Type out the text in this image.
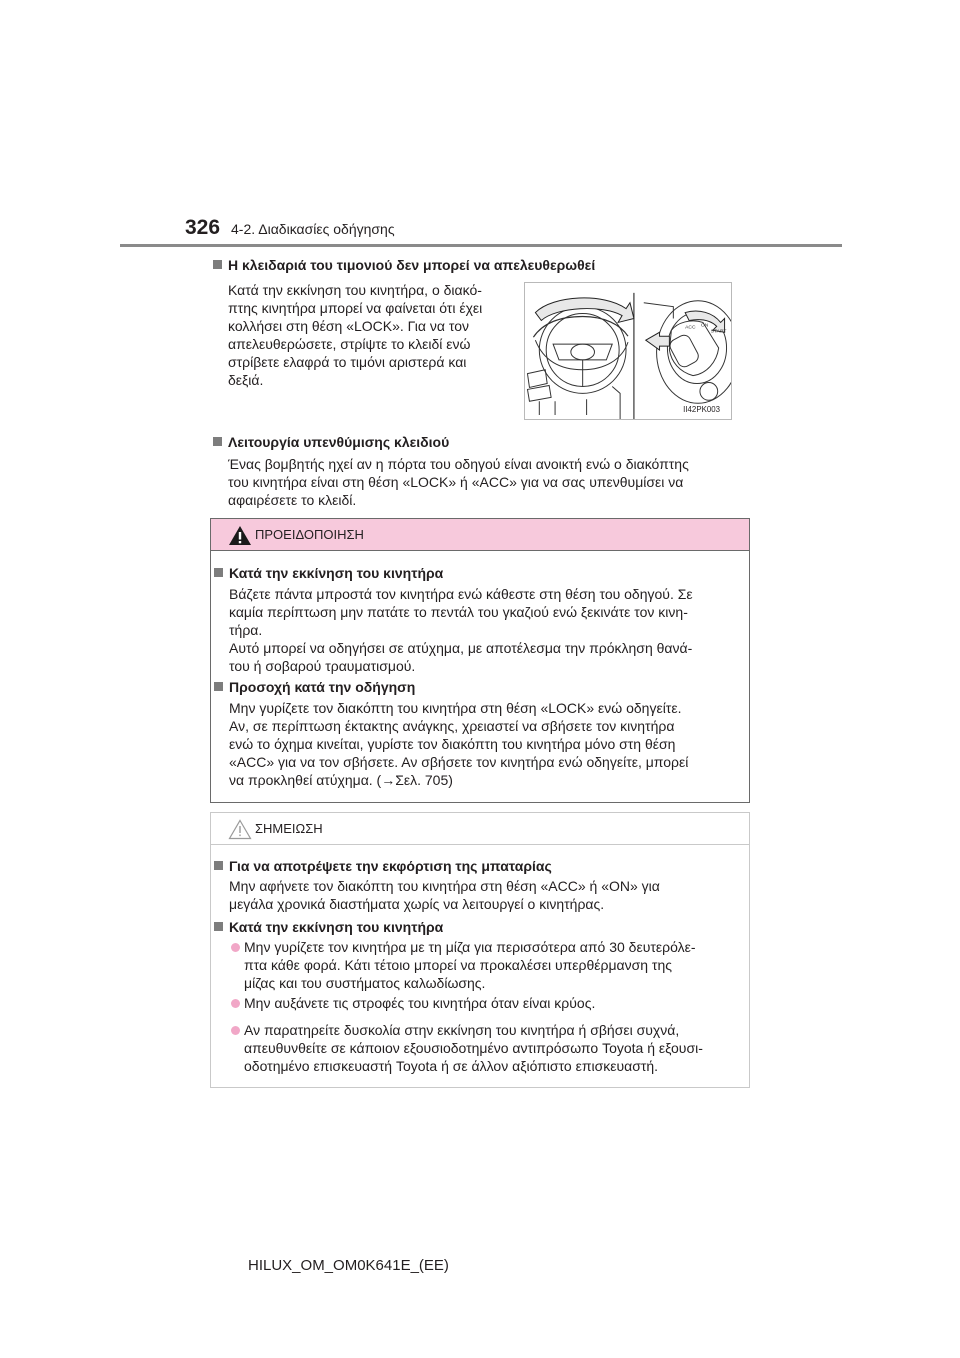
326 4-2. Διαδικασίες οδήγησης
Η κλειδαριά του τιμονιού δεν μπορεί να απελευθερωθεί
Κατά την εκκίνηση του κινητήρα, ο διακό-
πτης κινητήρα μπορεί να φαίνεται ότι έχει
κολλήσει στη θέση «LOCK». Για να τον
απελευθερώσετε, στρίψτε το κλειδί ενώ
στρίβετε ελαφρά το τιμόνι αριστερά και
δεξιά.
ACC ON
START
II42PK003
Λειτουργία υπενθύμισης κλειδιού
Ένας βομβητής ηχεί αν η πόρτα του οδηγού είναι ανοικτή ενώ ο διακόπτης
του κινητήρα είναι στη θέση «LOCK» ή «ACC» για να σας υπενθυμίσει να
αφαιρέσετε το κλειδί.
ΠΡΟΕΙΔΟΠΟΙΗΣΗ
Κατά την εκκίνηση του κινητήρα
Βάζετε πάντα μπροστά τον κινητήρα ενώ κάθεστε στη θέση του οδηγού. Σε
καμία περίπτωση μην πατάτε το πεντάλ του γκαζιού ενώ ξεκινάτε τον κινη-
τήρα.
Αυτό μπορεί να οδηγήσει σε ατύχημα, με αποτέλεσμα την πρόκληση θανά-
του ή σοβαρού τραυματισμού.
Προσοχή κατά την οδήγηση
Μην γυρίζετε τον διακόπτη του κινητήρα στη θέση «LOCK» ενώ οδηγείτε.
Αν, σε περίπτωση έκτακτης ανάγκης, χρειαστεί να σβήσετε τον κινητήρα
ενώ το όχημα κινείται, γυρίστε τον διακόπτη του κινητήρα μόνο στη θέση
«ACC» για να τον σβήσετε. Αν σβήσετε τον κινητήρα ενώ οδηγείτε, μπορεί
να προκληθεί ατύχημα. (→Σελ. 705)
ΣΗΜΕΙΩΣΗ
Για να αποτρέψετε την εκφόρτιση της μπαταρίας
Μην αφήνετε τον διακόπτη του κινητήρα στη θέση «ACC» ή «ON» για
μεγάλα χρονικά διαστήματα χωρίς να λειτουργεί ο κινητήρας.
Κατά την εκκίνηση του κινητήρα
Μην γυρίζετε τον κινητήρα με τη μίζα για περισσότερα από 30 δευτερόλε-
πτα κάθε φορά. Κάτι τέτοιο μπορεί να προκαλέσει υπερθέρμανση της
μίζας και του συστήματος καλωδίωσης.
Μην αυξάνετε τις στροφές του κινητήρα όταν είναι κρύος.
Αν παρατηρείτε δυσκολία στην εκκίνηση του κινητήρα ή σβήσει συχνά,
απευθυνθείτε σε κάποιον εξουσιοδοτημένο αντιπρόσωπο Toyota ή εξουσι-
οδοτημένο επισκευαστή Toyota ή σε άλλον αξιόπιστο επισκευαστή.
HILUX_OM_OM0K641E_(EE)
